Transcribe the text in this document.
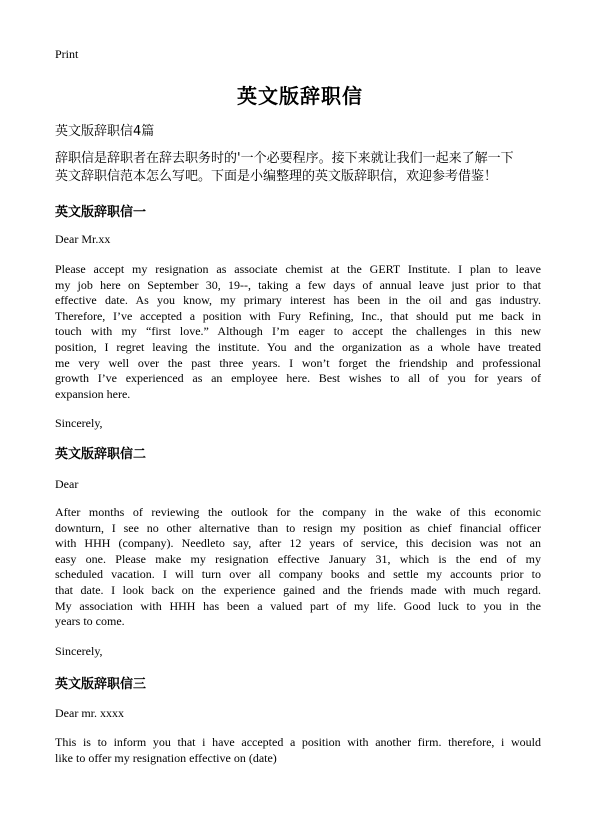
Print
英文版辞职信
英文版辞职信4篇
辞职信是辞职者在辞去职务时的'一个必要程序。接下来就让我们一起来了解一下
英文辞职信范本怎么写吧。下面是小编整理的英文版辞职信，欢迎参考借鉴！
英文版辞职信一
Dear Mr.xx
Please accept my resignation as associate chemist at the GERT Institute. I plan to leave
my job here on September 30, 19--, taking a few days of annual leave just prior to that
effective date. As you know, my primary interest has been in the oil and gas industry.
Therefore, I’ve accepted a position with Fury Refining, Inc., that should put me back in
touch with my “first love.” Although I’m eager to accept the challenges in this new
position, I regret leaving the institute. You and the organization as a whole have treated
me very well over the past three years. I won’t forget the friendship and professional
growth I’ve experienced as an employee here. Best wishes to all of you for years of
expansion here.
Sincerely,
英文版辞职信二
Dear
After months of reviewing the outlook for the company in the wake of this economic
downturn, I see no other alternative than to resign my position as chief financial officer
with HHH (company). Needleto say, after 12 years of service, this decision was not an
easy one. Please make my resignation effective January 31, which is the end of my
scheduled vacation. I will turn over all company books and settle my accounts prior to
that date. I look back on the experience gained and the friends made with much regard.
My association with HHH has been a valued part of my life. Good luck to you in the
years to come.
Sincerely,
英文版辞职信三
Dear mr. xxxx
This is to inform you that i have accepted a position with another firm. therefore, i would
like to offer my resignation effective on (date)
